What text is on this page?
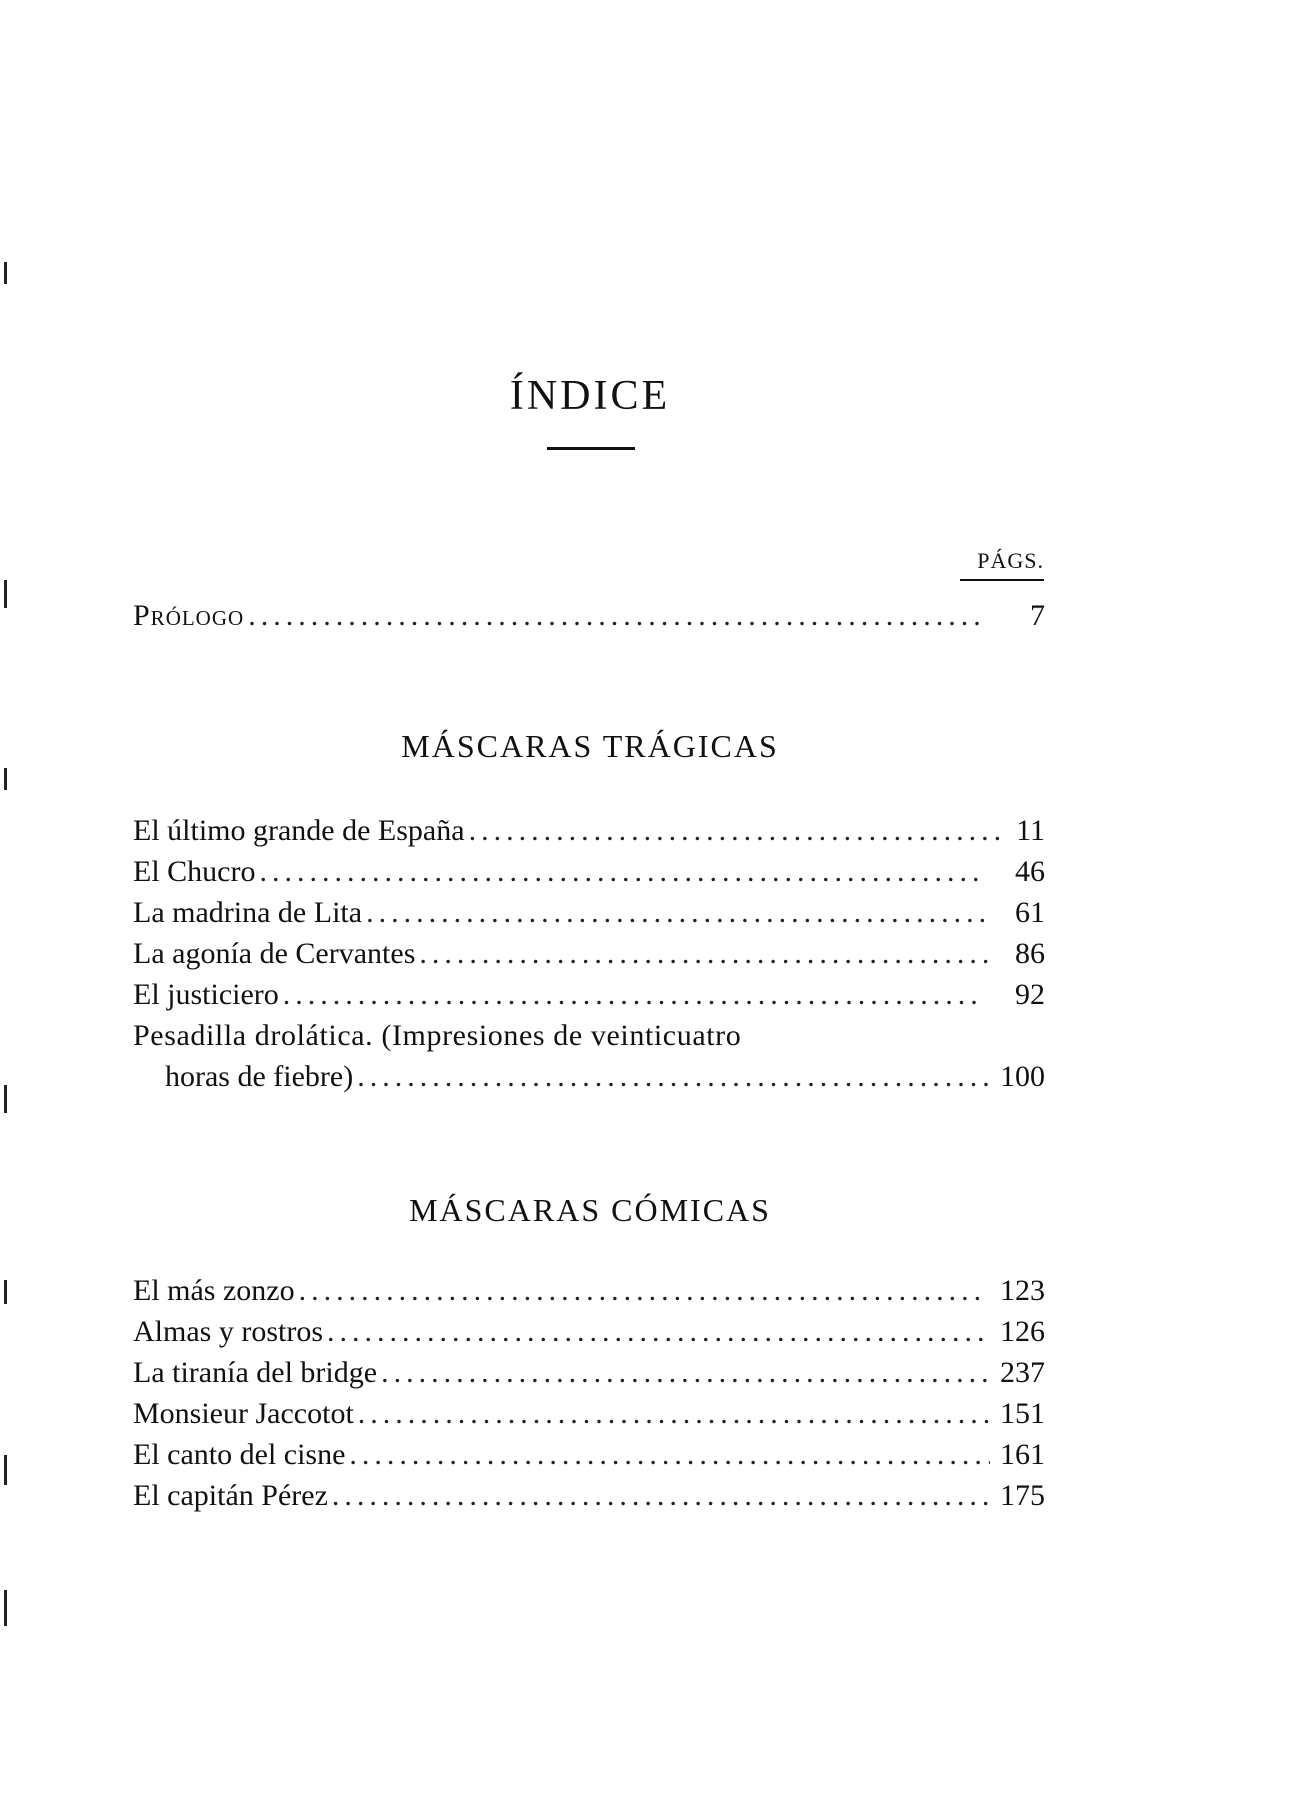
ÍNDICE
PÁGS.
Prólogo .....	7
MÁSCARAS TRÁGICAS
El último grande de España .....	11
El Chucro .....	46
La madrina de Lita .....	61
La agonía de Cervantes .....	86
El justiciero .....	92
Pesadilla drolática. (Impresiones de veinticuatro
horas de fiebre) .....	100
MÁSCARAS CÓMICAS
El más zonzo .....	123
Almas y rostros .....	126
La tiranía del bridge .....	237
Monsieur Jaccotot .....	151
El canto del cisne .....	161
El capitán Pérez .....	175
